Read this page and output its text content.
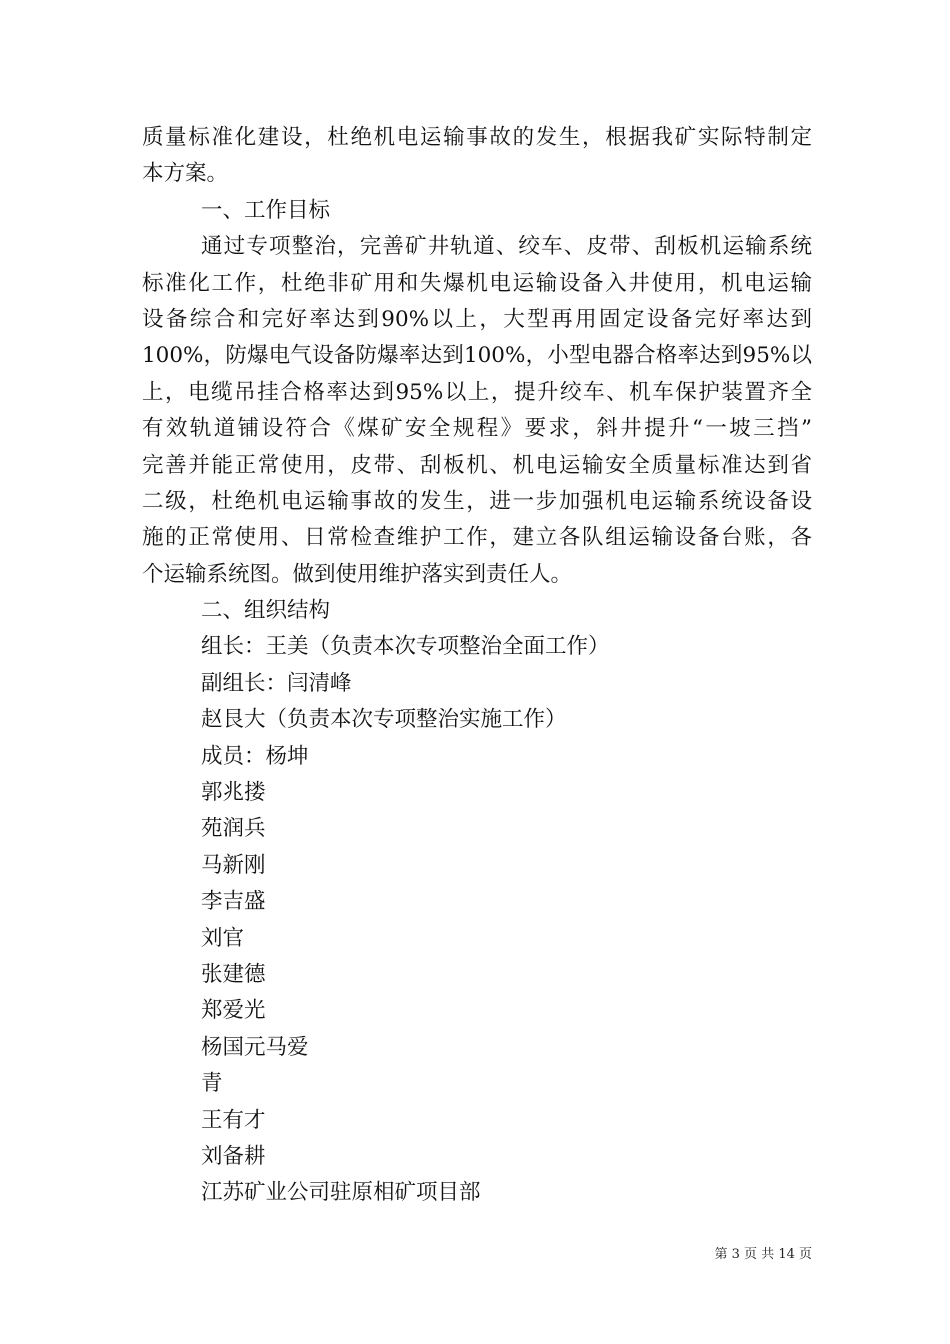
质量标准化建设，杜绝机电运输事故的发生，根据我矿实际特制定
本方案。
一、工作目标
通过专项整治，完善矿井轨道、绞车、皮带、刮板机运输系统
标准化工作，杜绝非矿用和失爆机电运输设备入井使用，机电运输
设备综合和完好率达到90%以上，大型再用固定设备完好率达到
100%，防爆电气设备防爆率达到100%，小型电器合格率达到95%以
上，电缆吊挂合格率达到95%以上，提升绞车、机车保护装置齐全
有效轨道铺设符合《煤矿安全规程》要求，斜井提升“一坡三挡”
完善并能正常使用，皮带、刮板机、机电运输安全质量标准达到省
二级，杜绝机电运输事故的发生，进一步加强机电运输系统设备设
施的正常使用、日常检查维护工作，建立各队组运输设备台账，各
个运输系统图。做到使用维护落实到责任人。
二、组织结构
组长：王美（负责本次专项整治全面工作）
副组长：闫清峰
赵艮大（负责本次专项整治实施工作）
成员：杨坤
郭兆搂
苑润兵
马新刚
李吉盛
刘官
张建德
郑爱光
杨国元马爱
青
王有才
刘备耕
江苏矿业公司驻原相矿项目部
第 3 页 共 14 页
